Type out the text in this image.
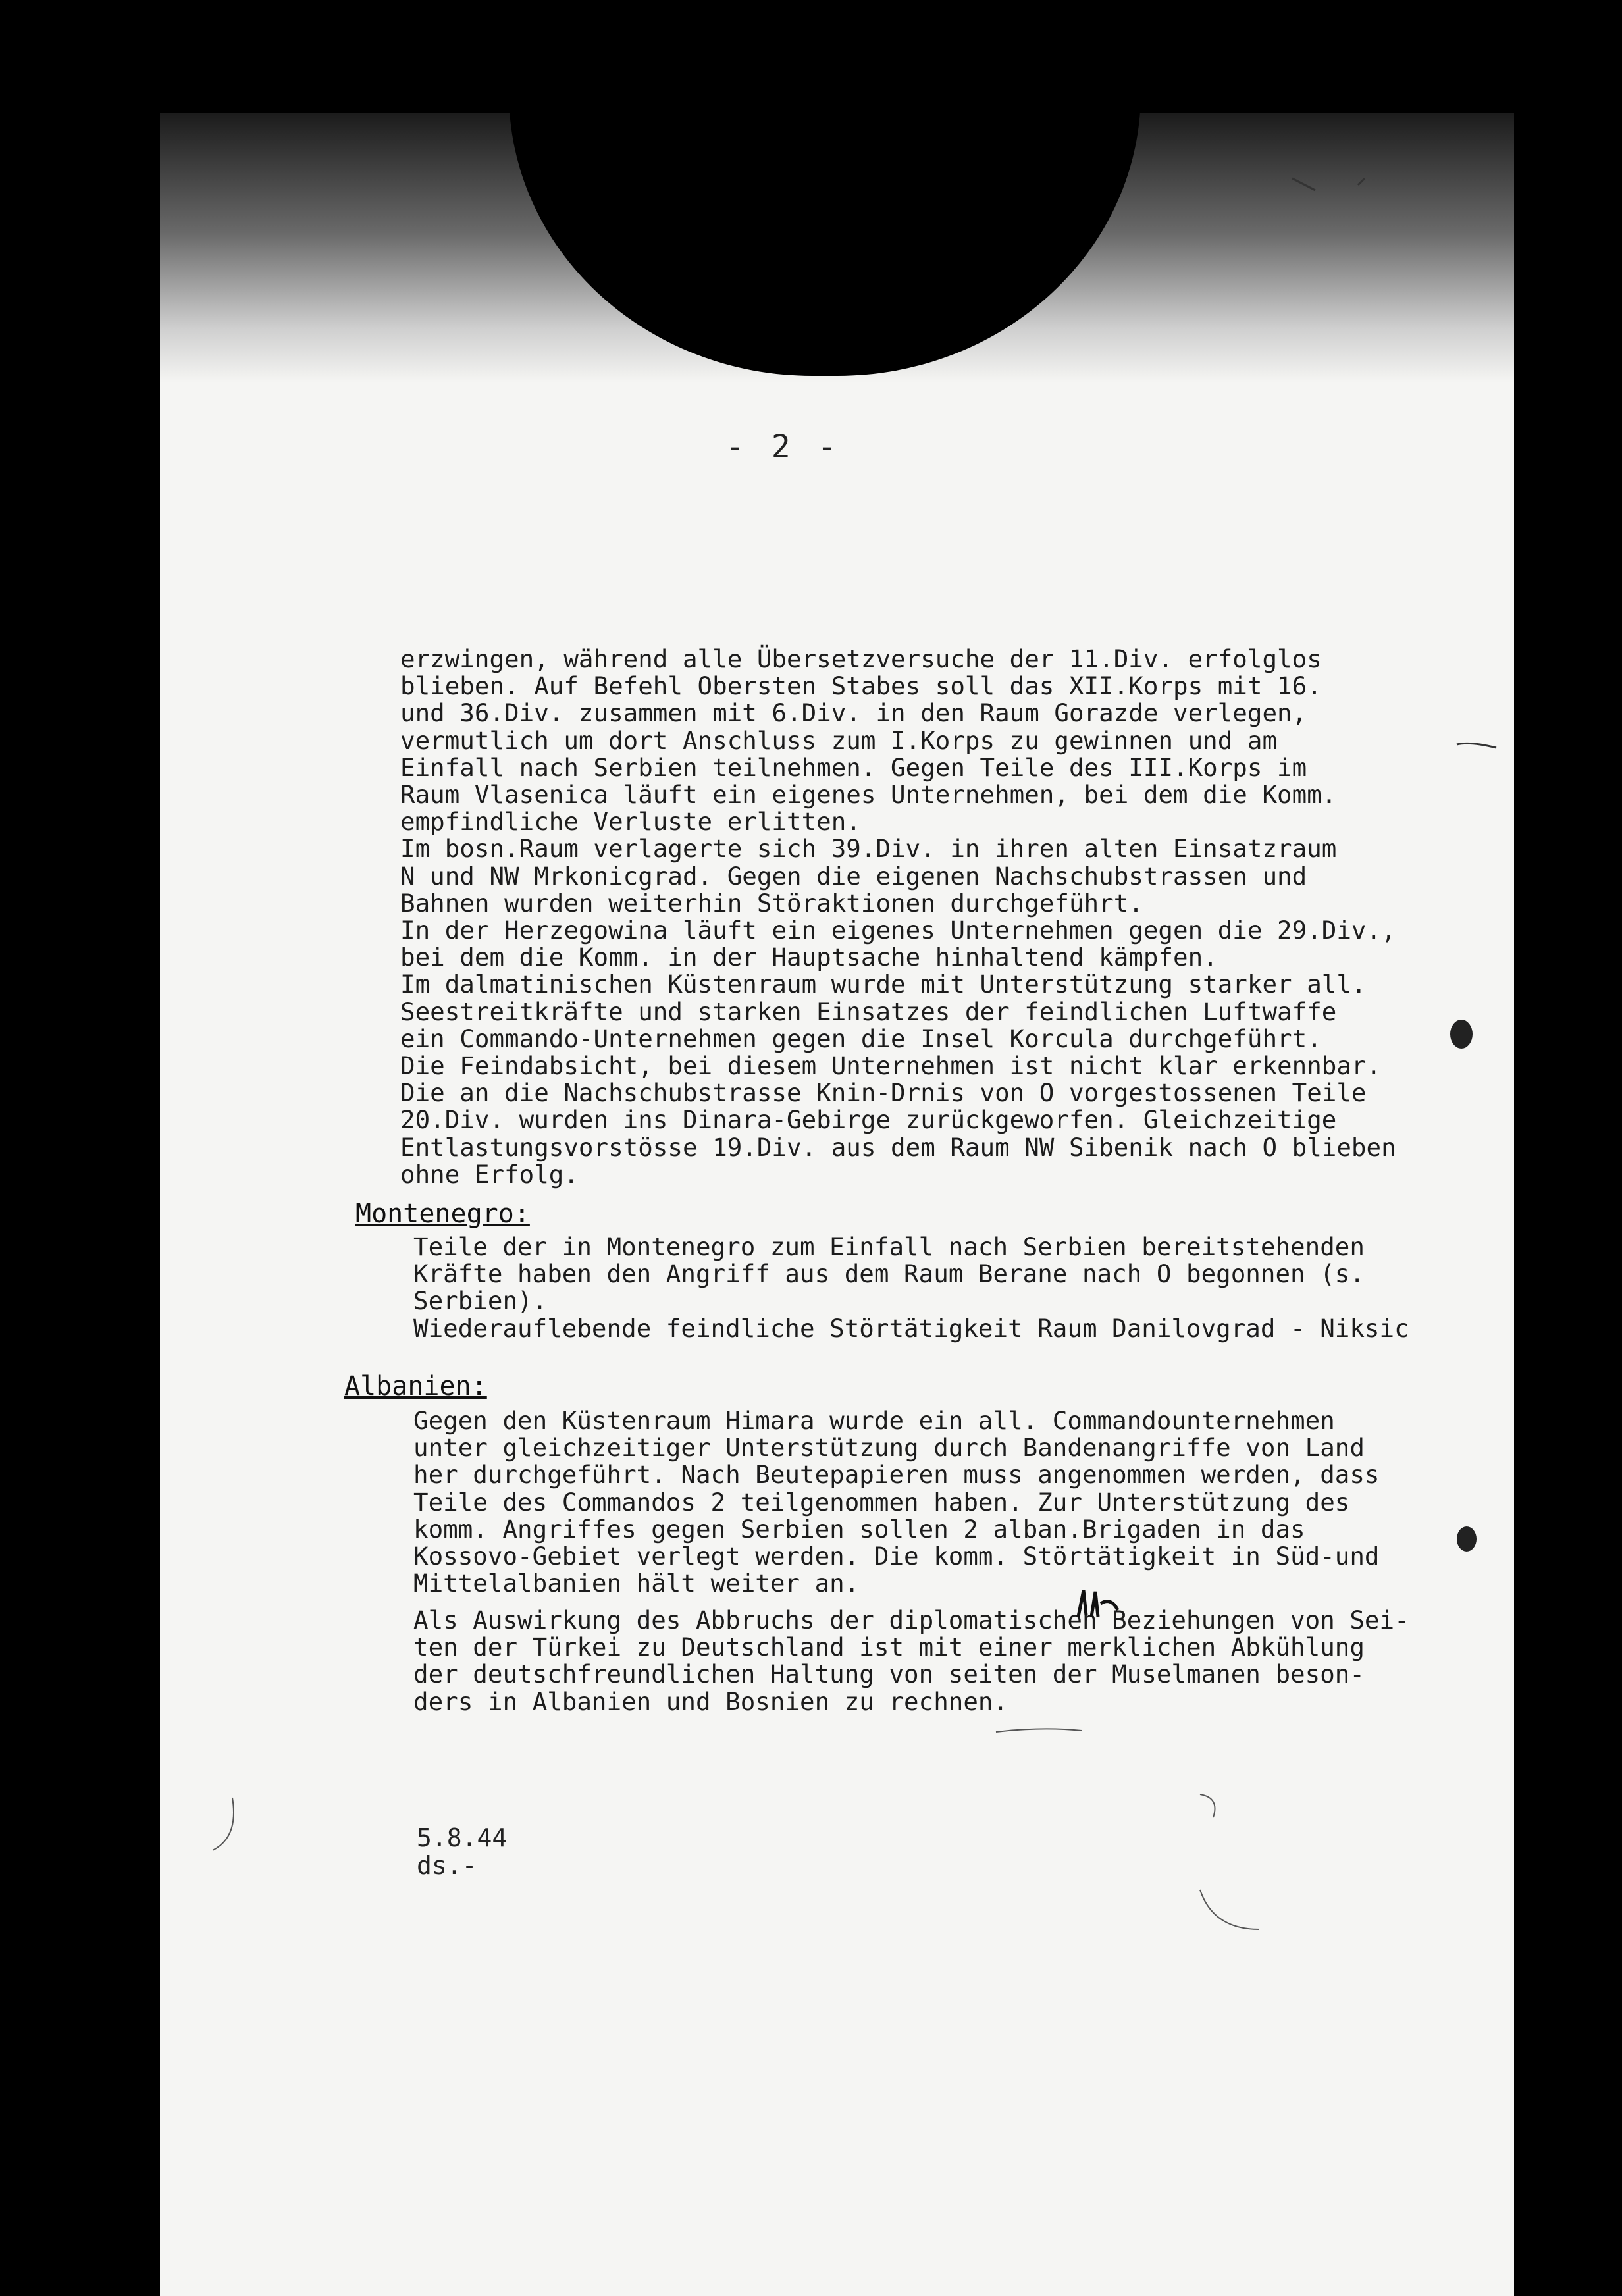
- 2 -
erzwingen, während alle Übersetzversuche der 11.Div. erfolglos
blieben. Auf Befehl Obersten Stabes soll das XII.Korps mit 16.
und 36.Div. zusammen mit 6.Div. in den Raum Gorazde verlegen,
vermutlich um dort Anschluss zum I.Korps zu gewinnen und am
Einfall nach Serbien teilnehmen. Gegen Teile des III.Korps im
Raum Vlasenica läuft ein eigenes Unternehmen, bei dem die Komm.
empfindliche Verluste erlitten.
Im bosn.Raum verlagerte sich 39.Div. in ihren alten Einsatzraum
N und NW Mrkonicgrad. Gegen die eigenen Nachschubstrassen und
Bahnen wurden weiterhin Störaktionen durchgeführt.
In der Herzegowina läuft ein eigenes Unternehmen gegen die 29.Div.,
bei dem die Komm. in der Hauptsache hinhaltend kämpfen.
Im dalmatinischen Küstenraum wurde mit Unterstützung starker all.
Seestreitkräfte und starken Einsatzes der feindlichen Luftwaffe
ein Commando-Unternehmen gegen die Insel Korcula durchgeführt.
Die Feindabsicht, bei diesem Unternehmen ist nicht klar erkennbar.
Die an die Nachschubstrasse Knin-Drnis von O vorgestossenen Teile
20.Div. wurden ins Dinara-Gebirge zurückgeworfen. Gleichzeitige
Entlastungsvorstösse 19.Div. aus dem Raum NW Sibenik nach O blieben
ohne Erfolg.
Montenegro:
Teile der in Montenegro zum Einfall nach Serbien bereitstehenden
Kräfte haben den Angriff aus dem Raum Berane nach O begonnen (s.
Serbien).
Wiederauflebende feindliche Störtätigkeit Raum Danilovgrad - Niksic
Albanien:
Gegen den Küstenraum Himara wurde ein all. Commandounternehmen
unter gleichzeitiger Unterstützung durch Bandenangriffe von Land
her durchgeführt. Nach Beutepapieren muss angenommen werden, dass
Teile des Commandos 2 teilgenommen haben. Zur Unterstützung des
komm. Angriffes gegen Serbien sollen 2 alban.Brigaden in das
Kossovo-Gebiet verlegt werden. Die komm. Störtätigkeit in Süd-und
Mittelalbanien hält weiter an.
Als Auswirkung des Abbruchs der diplomatischen Beziehungen von Sei-
ten der Türkei zu Deutschland ist mit einer merklichen Abkühlung
der deutschfreundlichen Haltung von seiten der Muselmanen beson-
ders in Albanien und Bosnien zu rechnen.
5.8.44
ds.-
